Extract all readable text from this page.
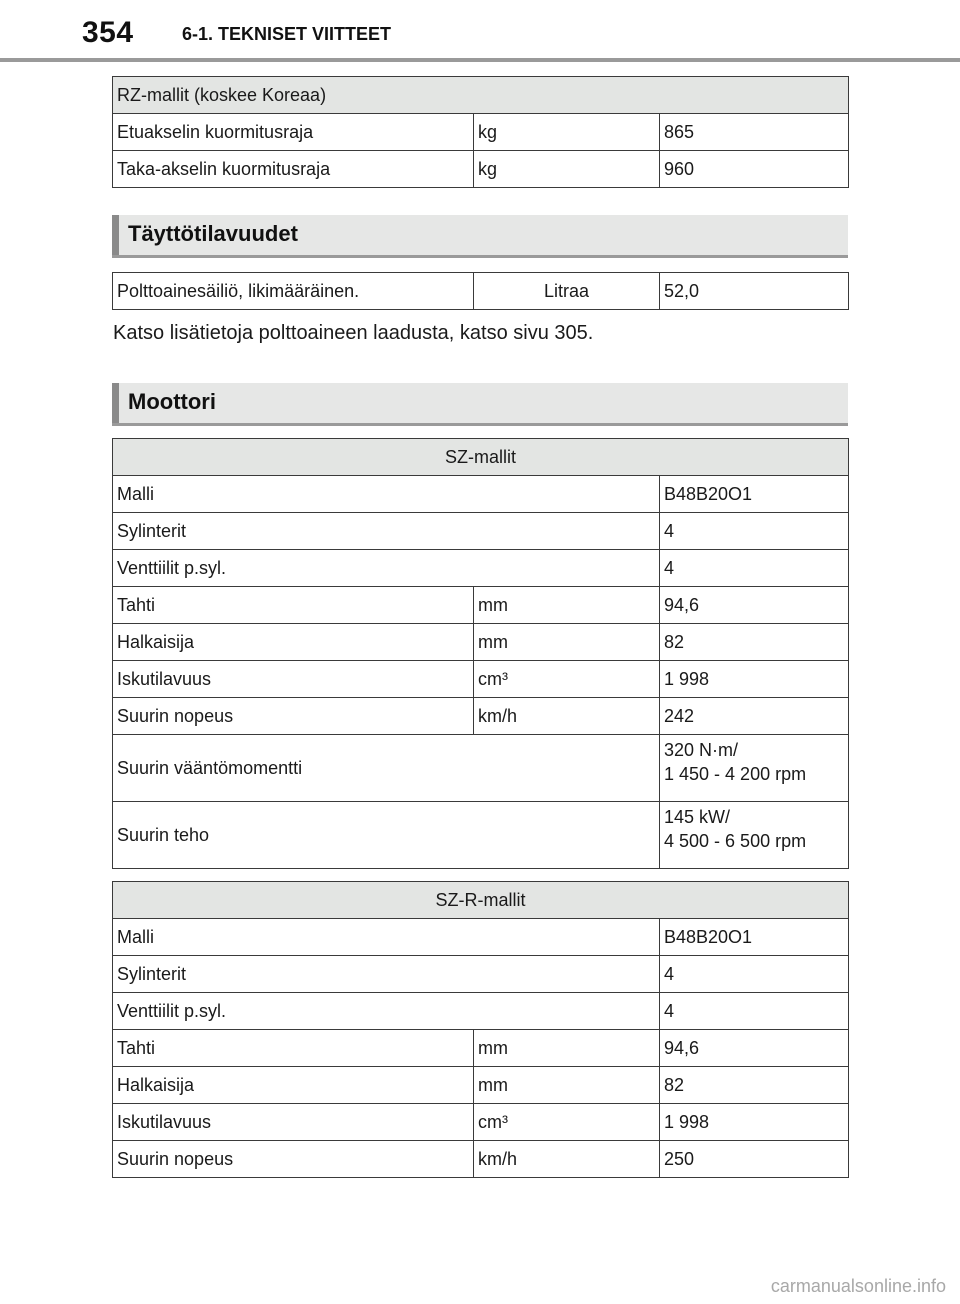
354	6-1. TEKNISET VIITTEET
RZ-mallit (koskee Koreaa)		
Etuakselin kuormitusraja	kg	865
Taka-akselin kuormitusraja	kg	960
Täyttötilavuudet
Polttoainesäiliö, likimääräinen.	Litraa	52,0
Katso lisätietoja polttoaineen laadusta, katso sivu 305.
Moottori
SZ-mallit		
Malli		B48B20O1
Sylinterit		4
Venttiilit p.syl.		4
Tahti	mm	94,6
Halkaisija	mm	82
Iskutilavuus	cm³	1 998
Suurin nopeus	km/h	242
Suurin vääntömomentti		320 N·m/
1 450 - 4 200 rpm

Suurin teho		145 kW/
4 500 - 6 500 rpm
SZ-R-mallit		
Malli		B48B20O1
Sylinterit		4
Venttiilit p.syl.		4
Tahti	mm	94,6
Halkaisija	mm	82
Iskutilavuus	cm³	1 998
Suurin nopeus	km/h	250
carmanualsonline.info
